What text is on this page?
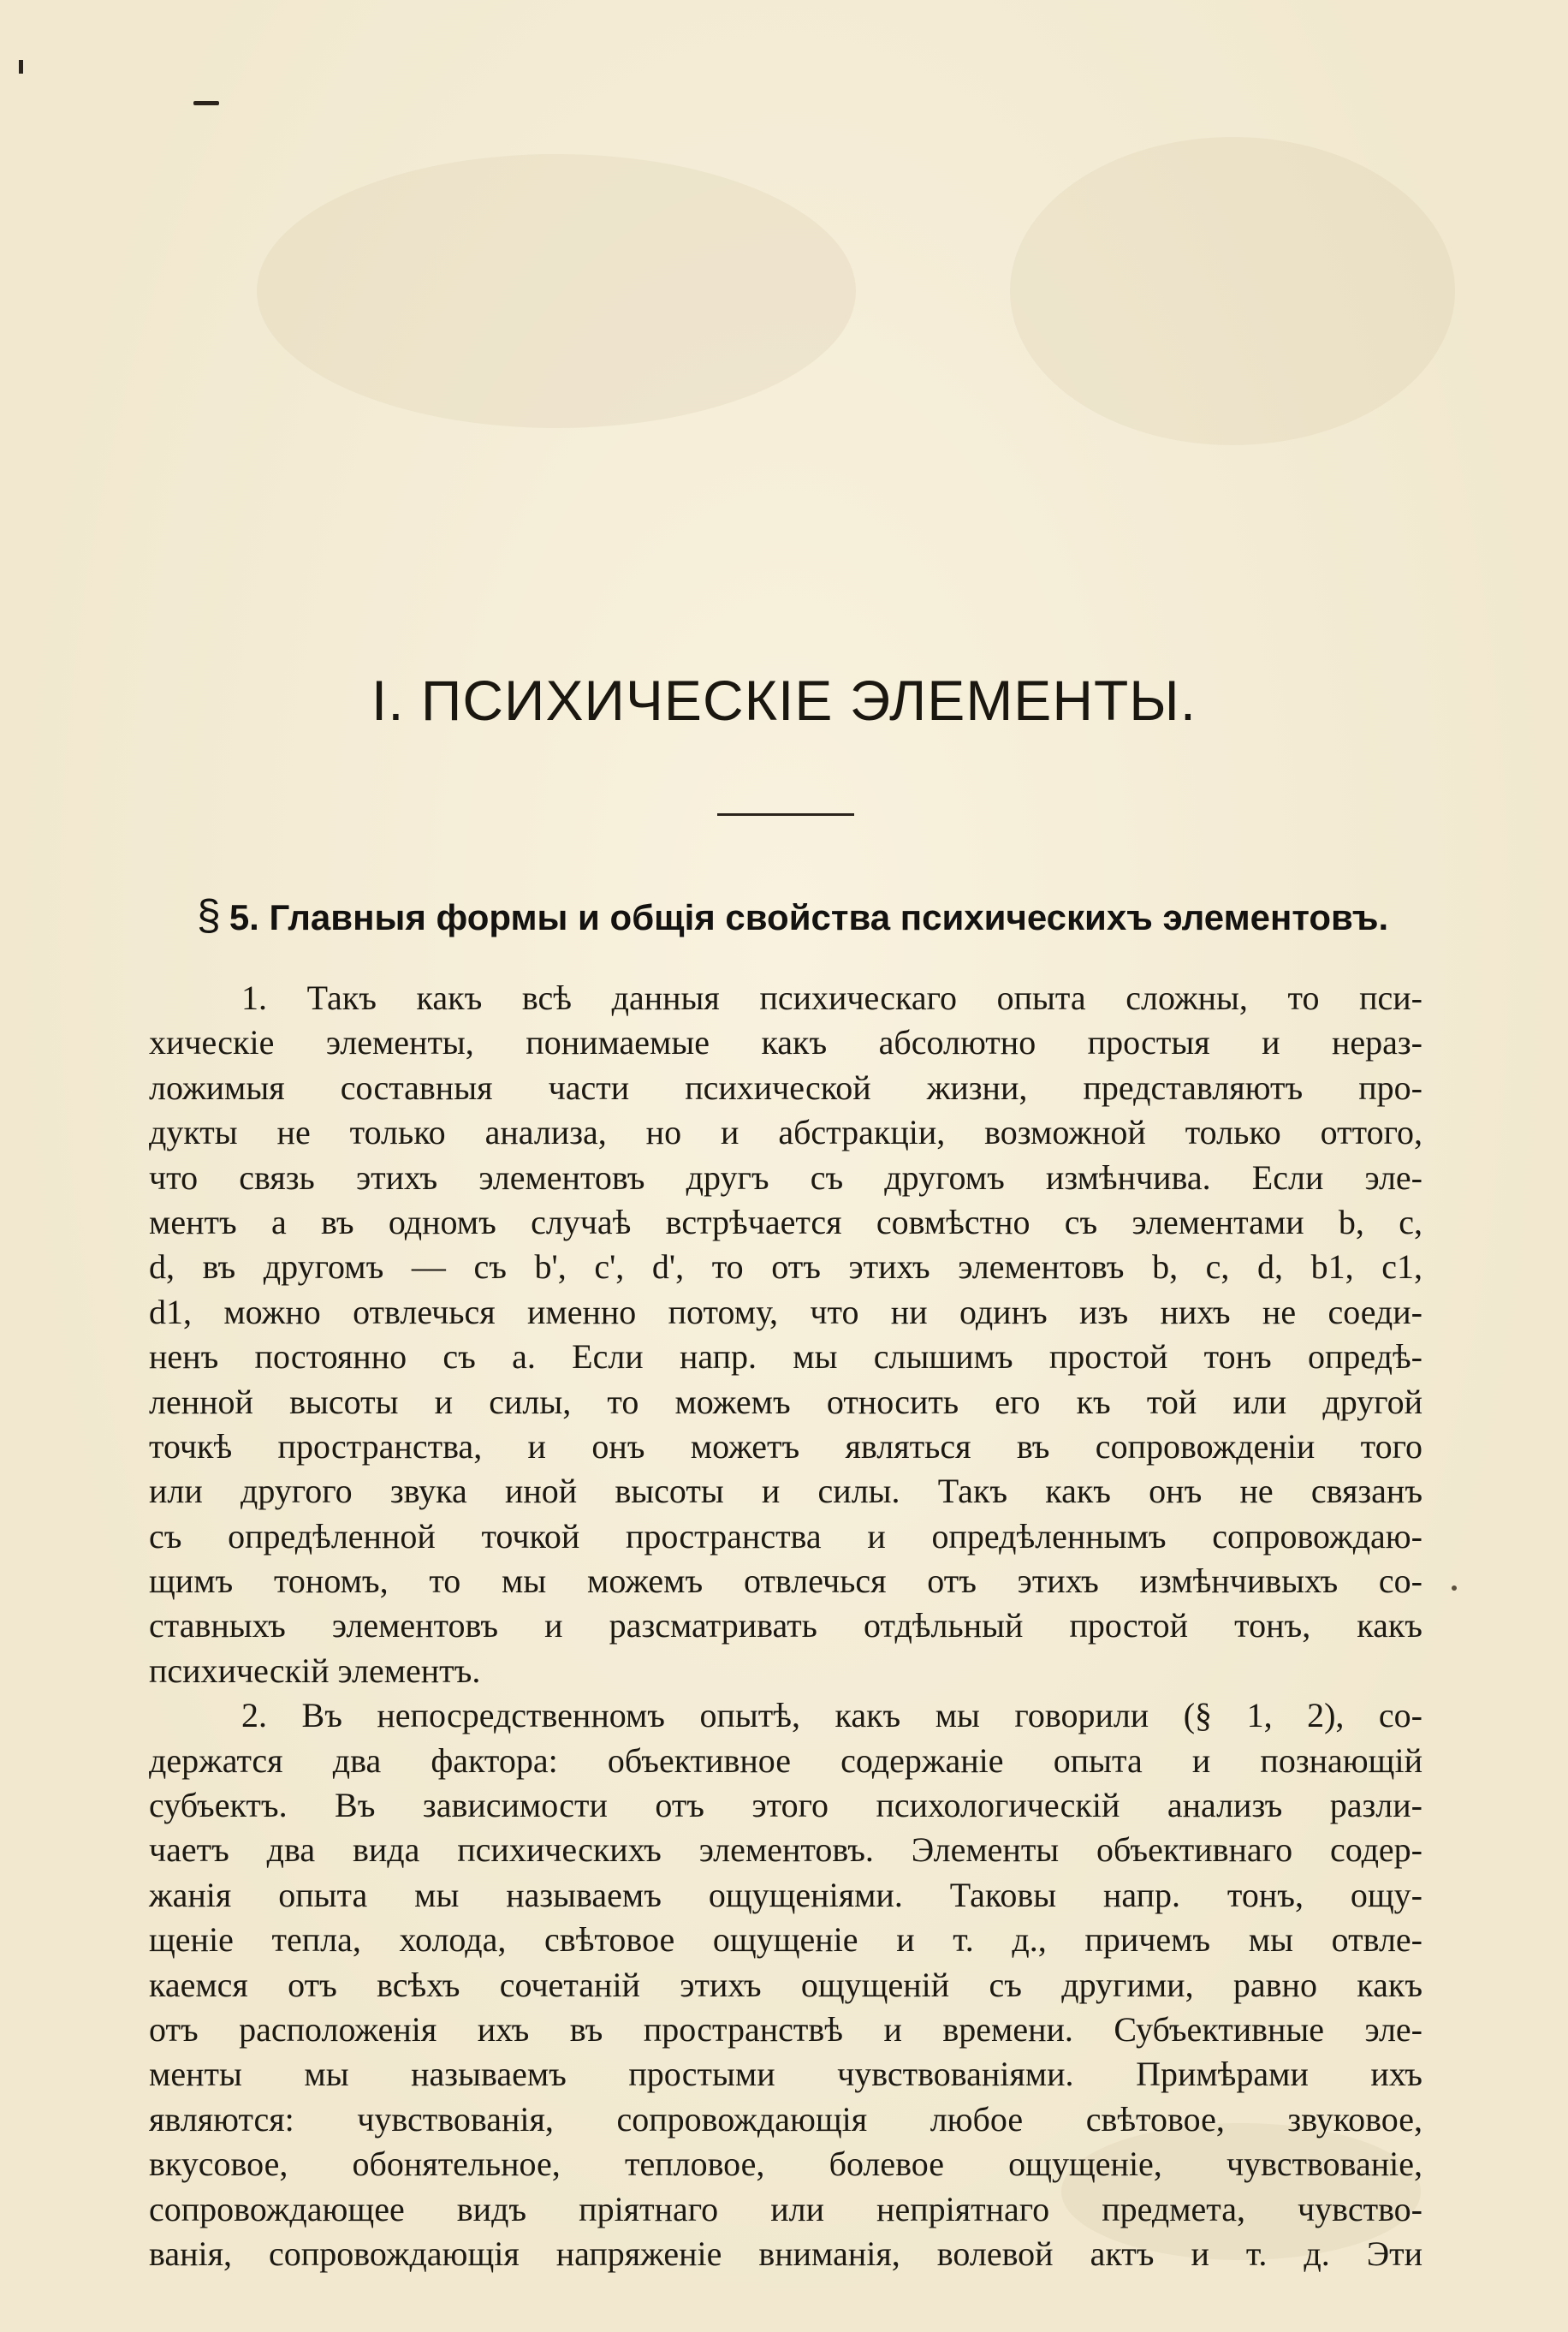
I. ПСИХИЧЕСКІЕ ЭЛЕМЕНТЫ.
§ 5. Главныя формы и общія свойства психическихъ элементовъ.
1. Такъ какъ всѣ данныя психическаго опыта сложны, то пси-
хическіе элементы, понимаемые какъ абсолютно простыя и нераз-
ложимыя составныя части психической жизни, представляютъ про-
дукты не только анализа, но и абстракціи, возможной только оттого,
что связь этихъ элементовъ другъ съ другомъ измѣнчива. Если эле-
ментъ a въ одномъ случаѣ встрѣчается совмѣстно съ элементами b, c,
d, въ другомъ — съ b', c', d', то отъ этихъ элементовъ b, c, d, b1, c1,
d1, можно отвлечься именно потому, что ни одинъ изъ нихъ не соеди-
ненъ постоянно съ a. Если напр. мы слышимъ простой тонъ опредѣ-
ленной высоты и силы, то можемъ относить его къ той или другой
точкѣ пространства, и онъ можетъ являться въ сопровожденіи того
или другого звука иной высоты и силы. Такъ какъ онъ не связанъ
съ опредѣленной точкой пространства и опредѣленнымъ сопровождаю-
щимъ тономъ, то мы можемъ отвлечься отъ этихъ измѣнчивыхъ со-
ставныхъ элементовъ и разсматривать отдѣльный простой тонъ, какъ
психическій элементъ.
2. Въ непосредственномъ опытѣ, какъ мы говорили (§ 1, 2), со-
держатся два фактора: объективное содержаніе опыта и познающій
субъектъ. Въ зависимости отъ этого психологическій анализъ разли-
чаетъ два вида психическихъ элементовъ. Элементы объективнаго содер-
жанія опыта мы называемъ ощущеніями. Таковы напр. тонъ, ощу-
щеніе тепла, холода, свѣтовое ощущеніе и т. д., причемъ мы отвле-
каемся отъ всѣхъ сочетаній этихъ ощущеній съ другими, равно какъ
отъ расположенія ихъ въ пространствѣ и времени. Субъективные эле-
менты мы называемъ простыми чувствованіями. Примѣрами ихъ
являются: чувствованія, сопровождающія любое свѣтовое, звуковое,
вкусовое, обонятельное, тепловое, болевое ощущеніе, чувствованіе,
сопровождающее видъ пріятнаго или непріятнаго предмета, чувство-
ванія, сопровождающія напряженіе вниманія, волевой актъ и т. д. Эти
